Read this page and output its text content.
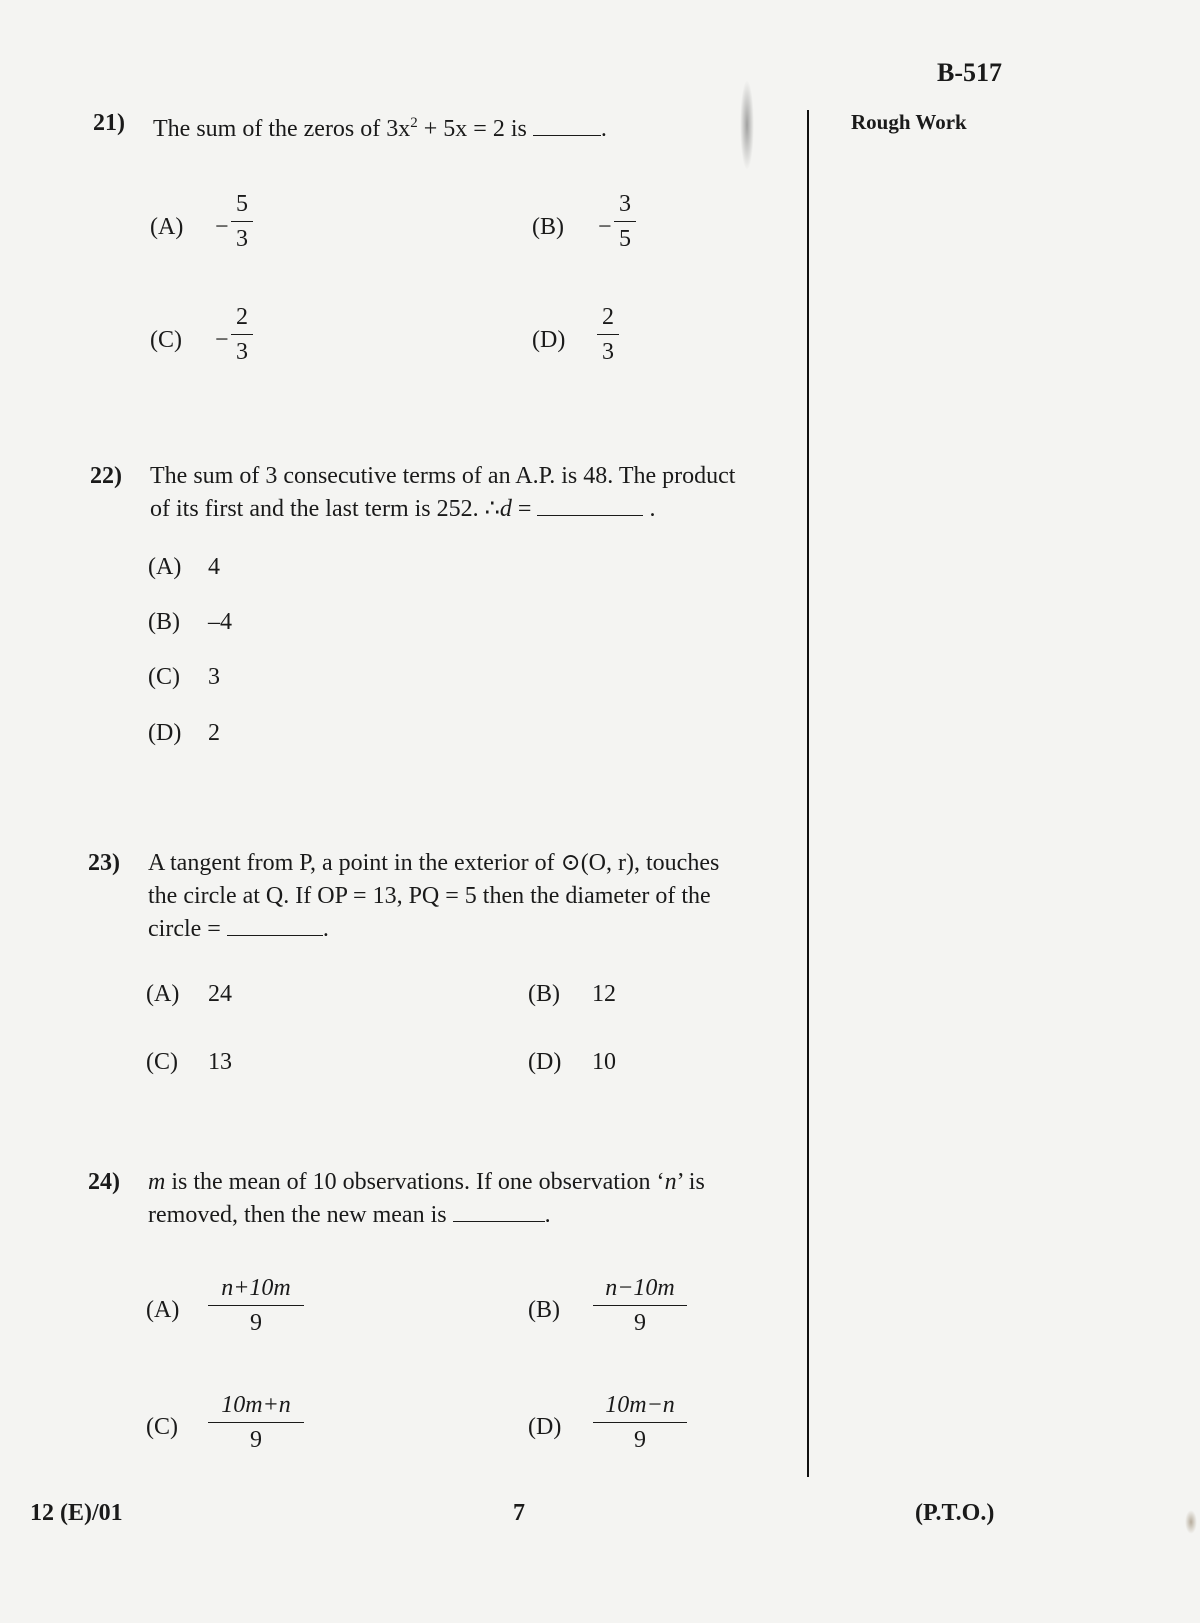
B-517
Rough Work
21) The sum of the zeros of $3x^2 + 5x = 2$ is	.
$(A) - \frac{5}{3}$	$(B) - \frac{3}{5}$
$(C) - \frac{2}{3}$	$(D) \frac{2}{3}$
22) The sum of 3 consecutive terms of an A.P. is 48. The product
of its first and the last term is 252. ∴d =	.
(A) 4
(B) –4
(C) 3
(D) 2
23) A tangent from P, a point in the exterior of ⊙(O, r), touches
the circle at Q. If OP = 13, PQ = 5 then the diameter of the
circle =	.
(A) 24	(B) 12
(C) 13	(D) 10
24) m is the mean of 10 observations. If one observation ‘n’ is
removed, then the new mean is	.
$(A) \frac{n+10m}{9}$	$(B) \frac{n-10m}{9}$
$(C) \frac{10m+n}{9}$	$(D) \frac{10m-n}{9}$
12 (E)/01	7	(P.T.O.)
